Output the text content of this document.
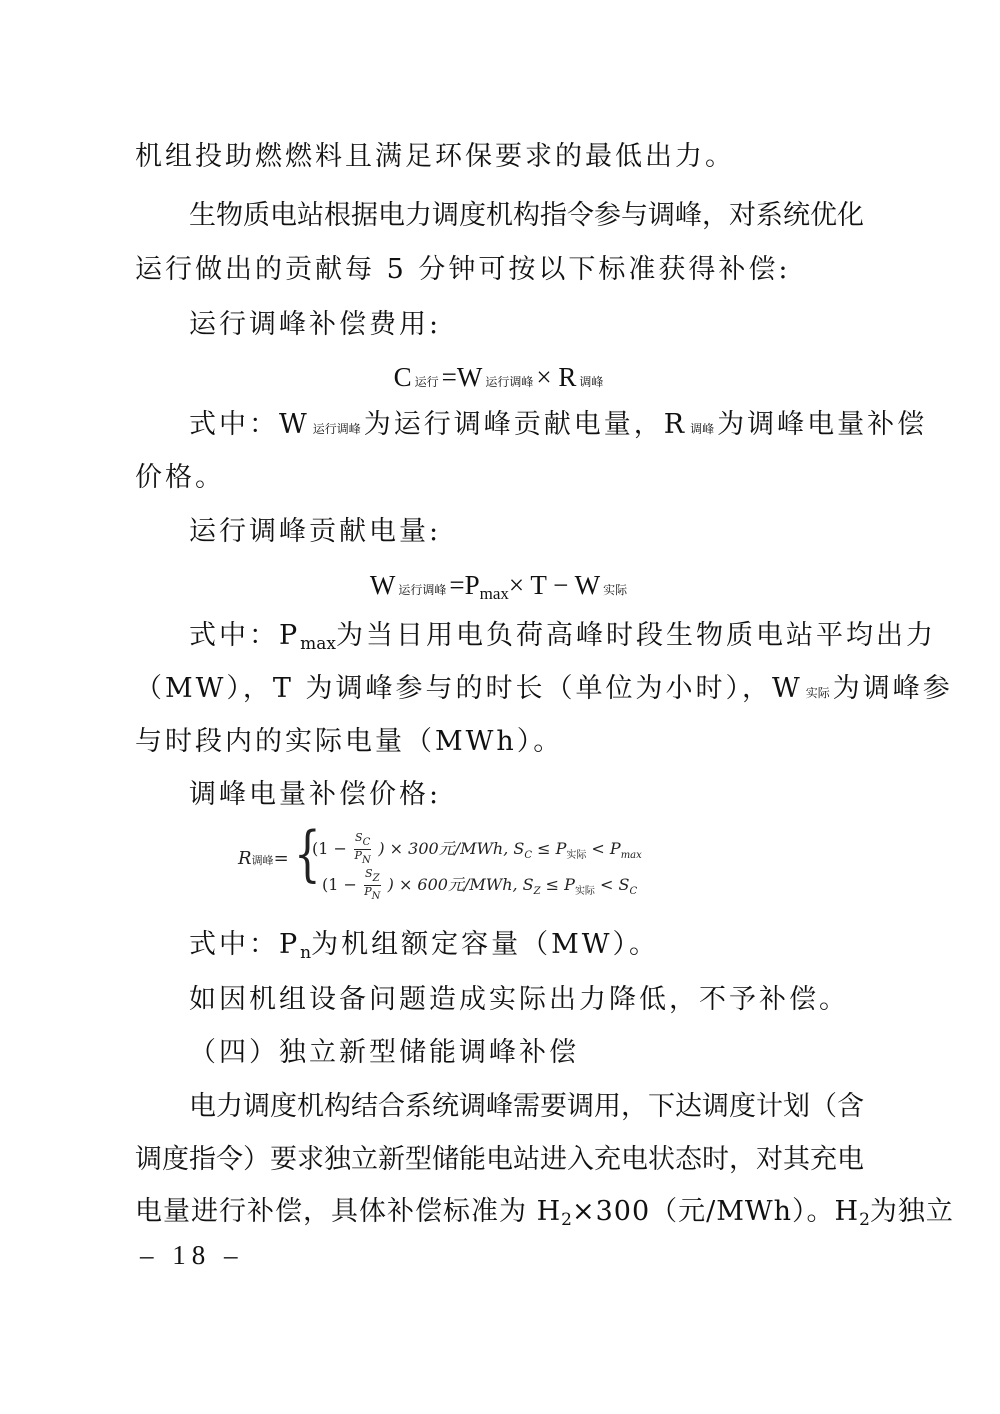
机组投助燃燃料且满足环保要求的最低出力。
生物质电站根据电力调度机构指令参与调峰，对系统优化
运行做出的贡献每 5 分钟可按以下标准获得补偿:
运行调峰补偿费用:
C运行 =W 运行调峰 × R 调峰
式中：W 运行调峰 为运行调峰贡献电量，R 调峰 为调峰电量补偿
价格。
运行调峰贡献电量:
W运行调峰 $=P_{max}\times T - W$ 实际
式中：$P_{max}$为当日用电负荷高峰时段生物质电站平均出力
（MW），T 为调峰参与的时长（单位为小时），W 实际 为调峰参
与时段内的实际电量（MWh）。
调峰电量补偿价格:
R调峰= {
($1 - \frac{SC}{PN}$ ) × 300元/MWh, $S_C \le P_{实际} < P_{max}$
($1 - \frac{SZ}{PN}$ ) × 600元/MWh, $S_Z \le P_{实际} < S_C$
式中：$P_n$为机组额定容量（MW）。
如因机组设备问题造成实际出力降低，不予补偿。
（四）独立新型储能调峰补偿
电力调度机构结合系统调峰需要调用，下达调度计划（含
调度指令）要求独立新型储能电站进入充电状态时，对其充电
电量进行补偿，具体补偿标准为 $H_2\times 300$（元/MWh）。$H_2$为独立
– 18 –
